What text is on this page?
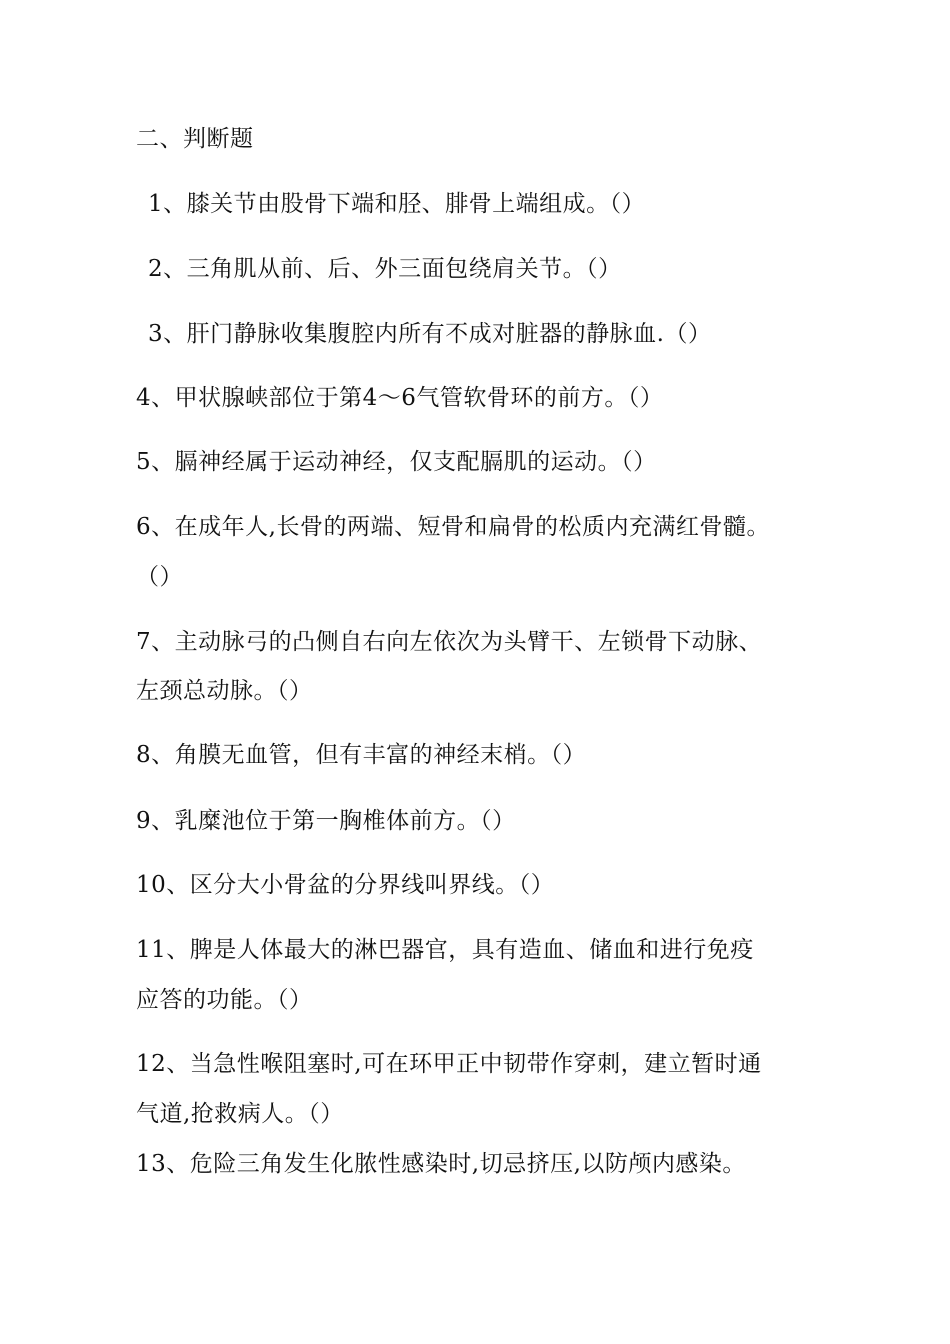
二、判断题
1、膝关节由股骨下端和胫、腓骨上端组成。（）
2、三角肌从前、后、外三面包绕肩关节。（）
3、肝门静脉收集腹腔内所有不成对脏器的静脉血.（）
4、甲状腺峡部位于第4〜6气管软骨环的前方。（）
5、膈神经属于运动神经，仅支配膈肌的运动。（）
6、在成年人,长骨的两端、短骨和扁骨的松质内充满红骨髓。
（）
7、主动脉弓的凸侧自右向左依次为头臂干、左锁骨下动脉、
左颈总动脉。（）
8、角膜无血管，但有丰富的神经末梢。（）
9、乳糜池位于第一胸椎体前方。（）
10、区分大小骨盆的分界线叫界线。（）
11、脾是人体最大的淋巴器官，具有造血、储血和进行免疫
应答的功能。（）
12、当急性喉阻塞时,可在环甲正中韧带作穿刺，建立暂时通
气道,抢救病人。（）
13、危险三角发生化脓性感染时,切忌挤压,以防颅内感染。
